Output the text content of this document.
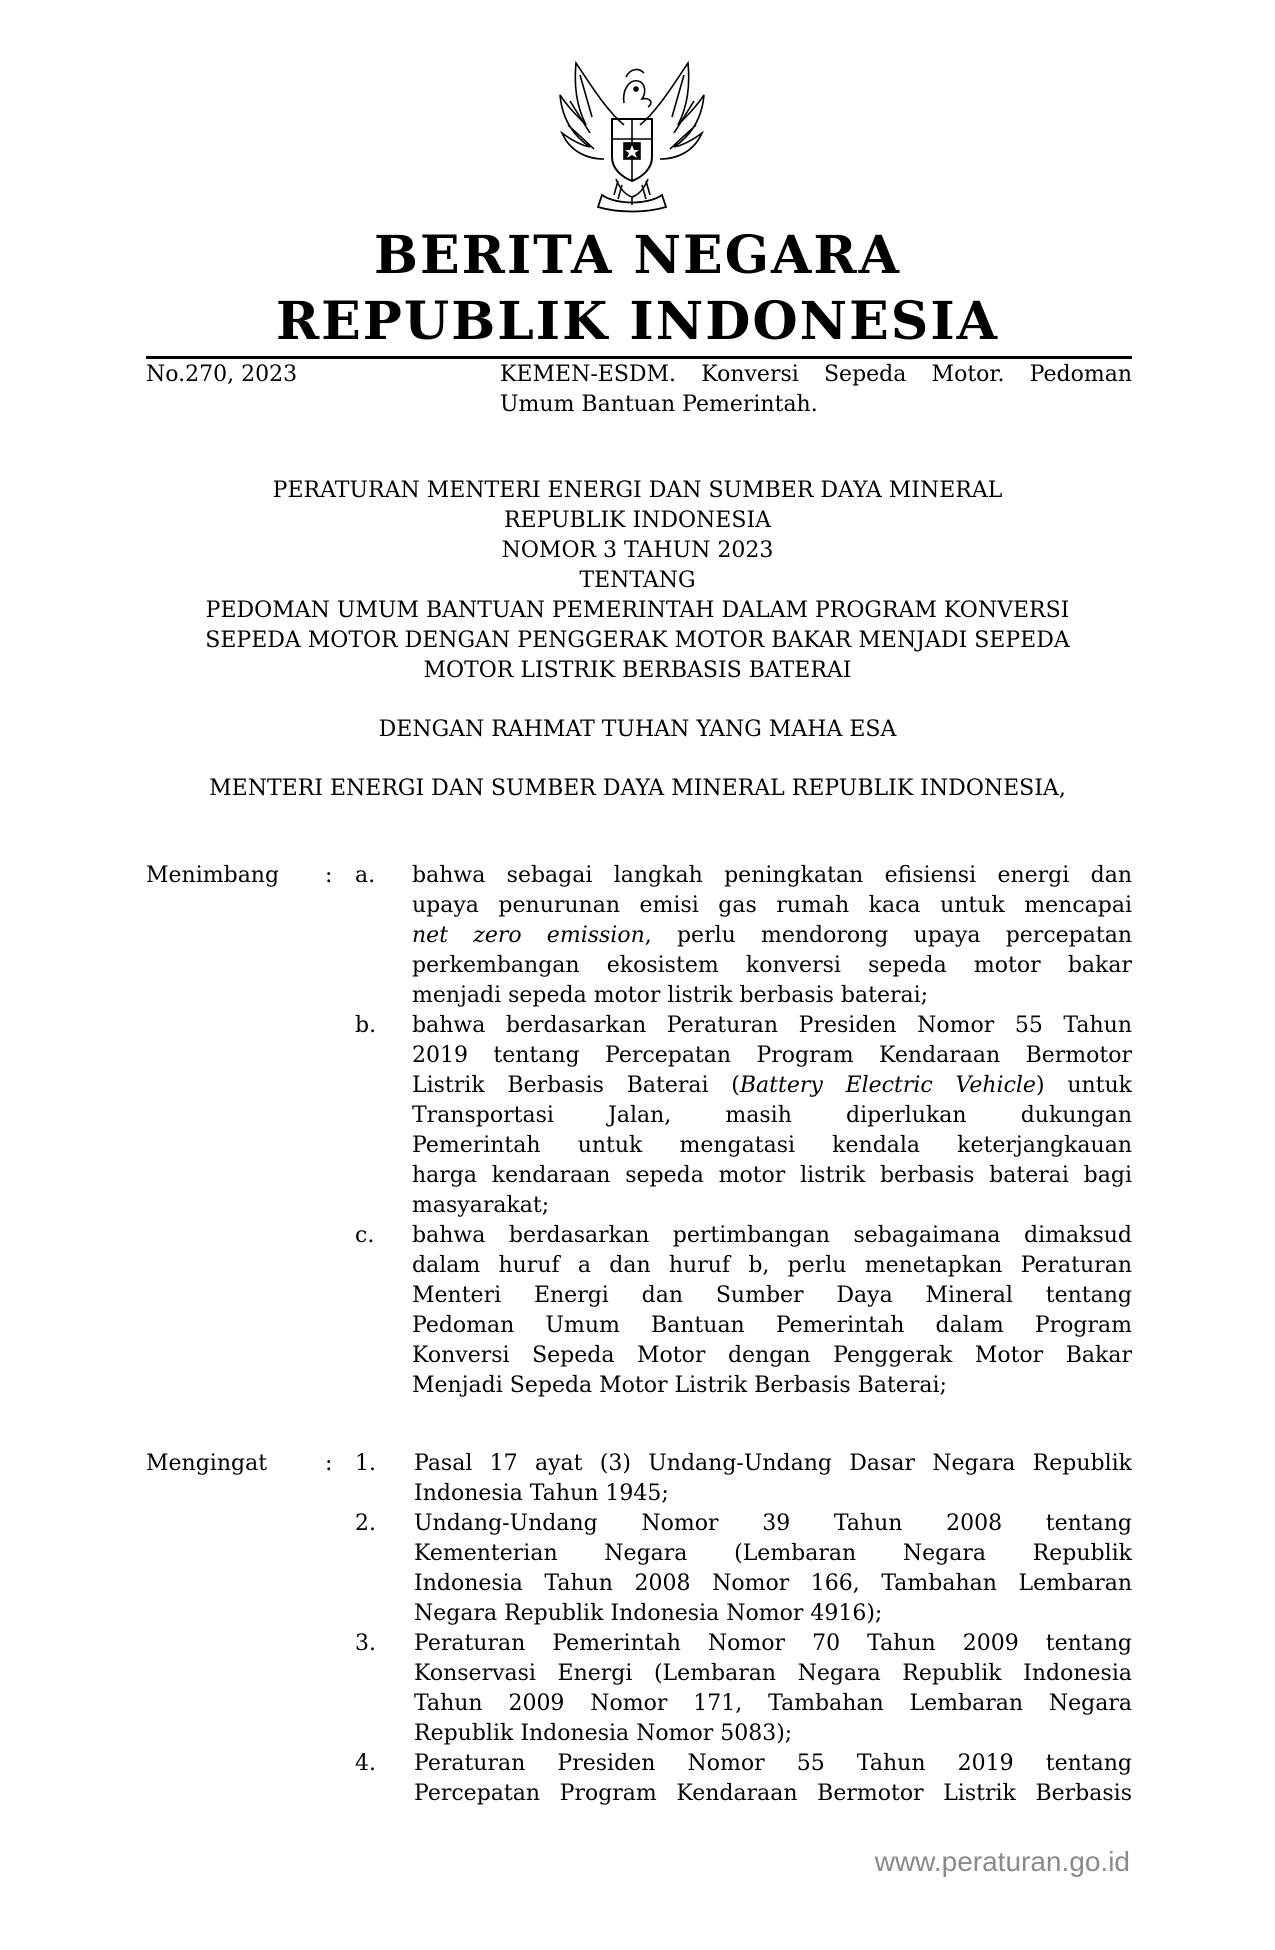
BERITA NEGARA
REPUBLIK INDONESIA
No.270, 2023	KEMEN-ESDM. Konversi Sepeda Motor. Pedoman Umum Bantuan Pemerintah.
PERATURAN MENTERI ENERGI DAN SUMBER DAYA MINERAL
REPUBLIK INDONESIA
NOMOR 3 TAHUN 2023
TENTANG
PEDOMAN UMUM BANTUAN PEMERINTAH DALAM PROGRAM KONVERSI
SEPEDA MOTOR DENGAN PENGGERAK MOTOR BAKAR MENJADI SEPEDA
MOTOR LISTRIK BERBASIS BATERAI
DENGAN RAHMAT TUHAN YANG MAHA ESA
MENTERI ENERGI DAN SUMBER DAYA MINERAL REPUBLIK INDONESIA,
Menimbang : a. bahwa sebagai langkah peningkatan efisiensi energi dan
upaya penurunan emisi gas rumah kaca untuk mencapai
net zero emission, perlu mendorong upaya percepatan
perkembangan ekosistem konversi sepeda motor bakar
menjadi sepeda motor listrik berbasis baterai;
b. bahwa berdasarkan Peraturan Presiden Nomor 55 Tahun
2019 tentang Percepatan Program Kendaraan Bermotor
Listrik Berbasis Baterai (Battery Electric Vehicle) untuk
Transportasi Jalan, masih diperlukan dukungan
Pemerintah untuk mengatasi kendala keterjangkauan
harga kendaraan sepeda motor listrik berbasis baterai bagi
masyarakat;
c. bahwa berdasarkan pertimbangan sebagaimana dimaksud
dalam huruf a dan huruf b, perlu menetapkan Peraturan
Menteri Energi dan Sumber Daya Mineral tentang
Pedoman Umum Bantuan Pemerintah dalam Program
Konversi Sepeda Motor dengan Penggerak Motor Bakar
Menjadi Sepeda Motor Listrik Berbasis Baterai;
Mengingat	: 1. Pasal 17 ayat (3) Undang-Undang Dasar Negara Republik
Indonesia Tahun 1945;
2. Undang-Undang Nomor 39 Tahun 2008 tentang
Kementerian Negara (Lembaran Negara Republik
Indonesia Tahun 2008 Nomor 166, Tambahan Lembaran
Negara Republik Indonesia Nomor 4916);
3. Peraturan Pemerintah Nomor 70 Tahun 2009 tentang
Konservasi Energi (Lembaran Negara Republik Indonesia
Tahun 2009 Nomor 171, Tambahan Lembaran Negara
Republik Indonesia Nomor 5083);
4. Peraturan Presiden Nomor 55 Tahun 2019 tentang
Percepatan Program Kendaraan Bermotor Listrik Berbasis
www.peraturan.go.id
